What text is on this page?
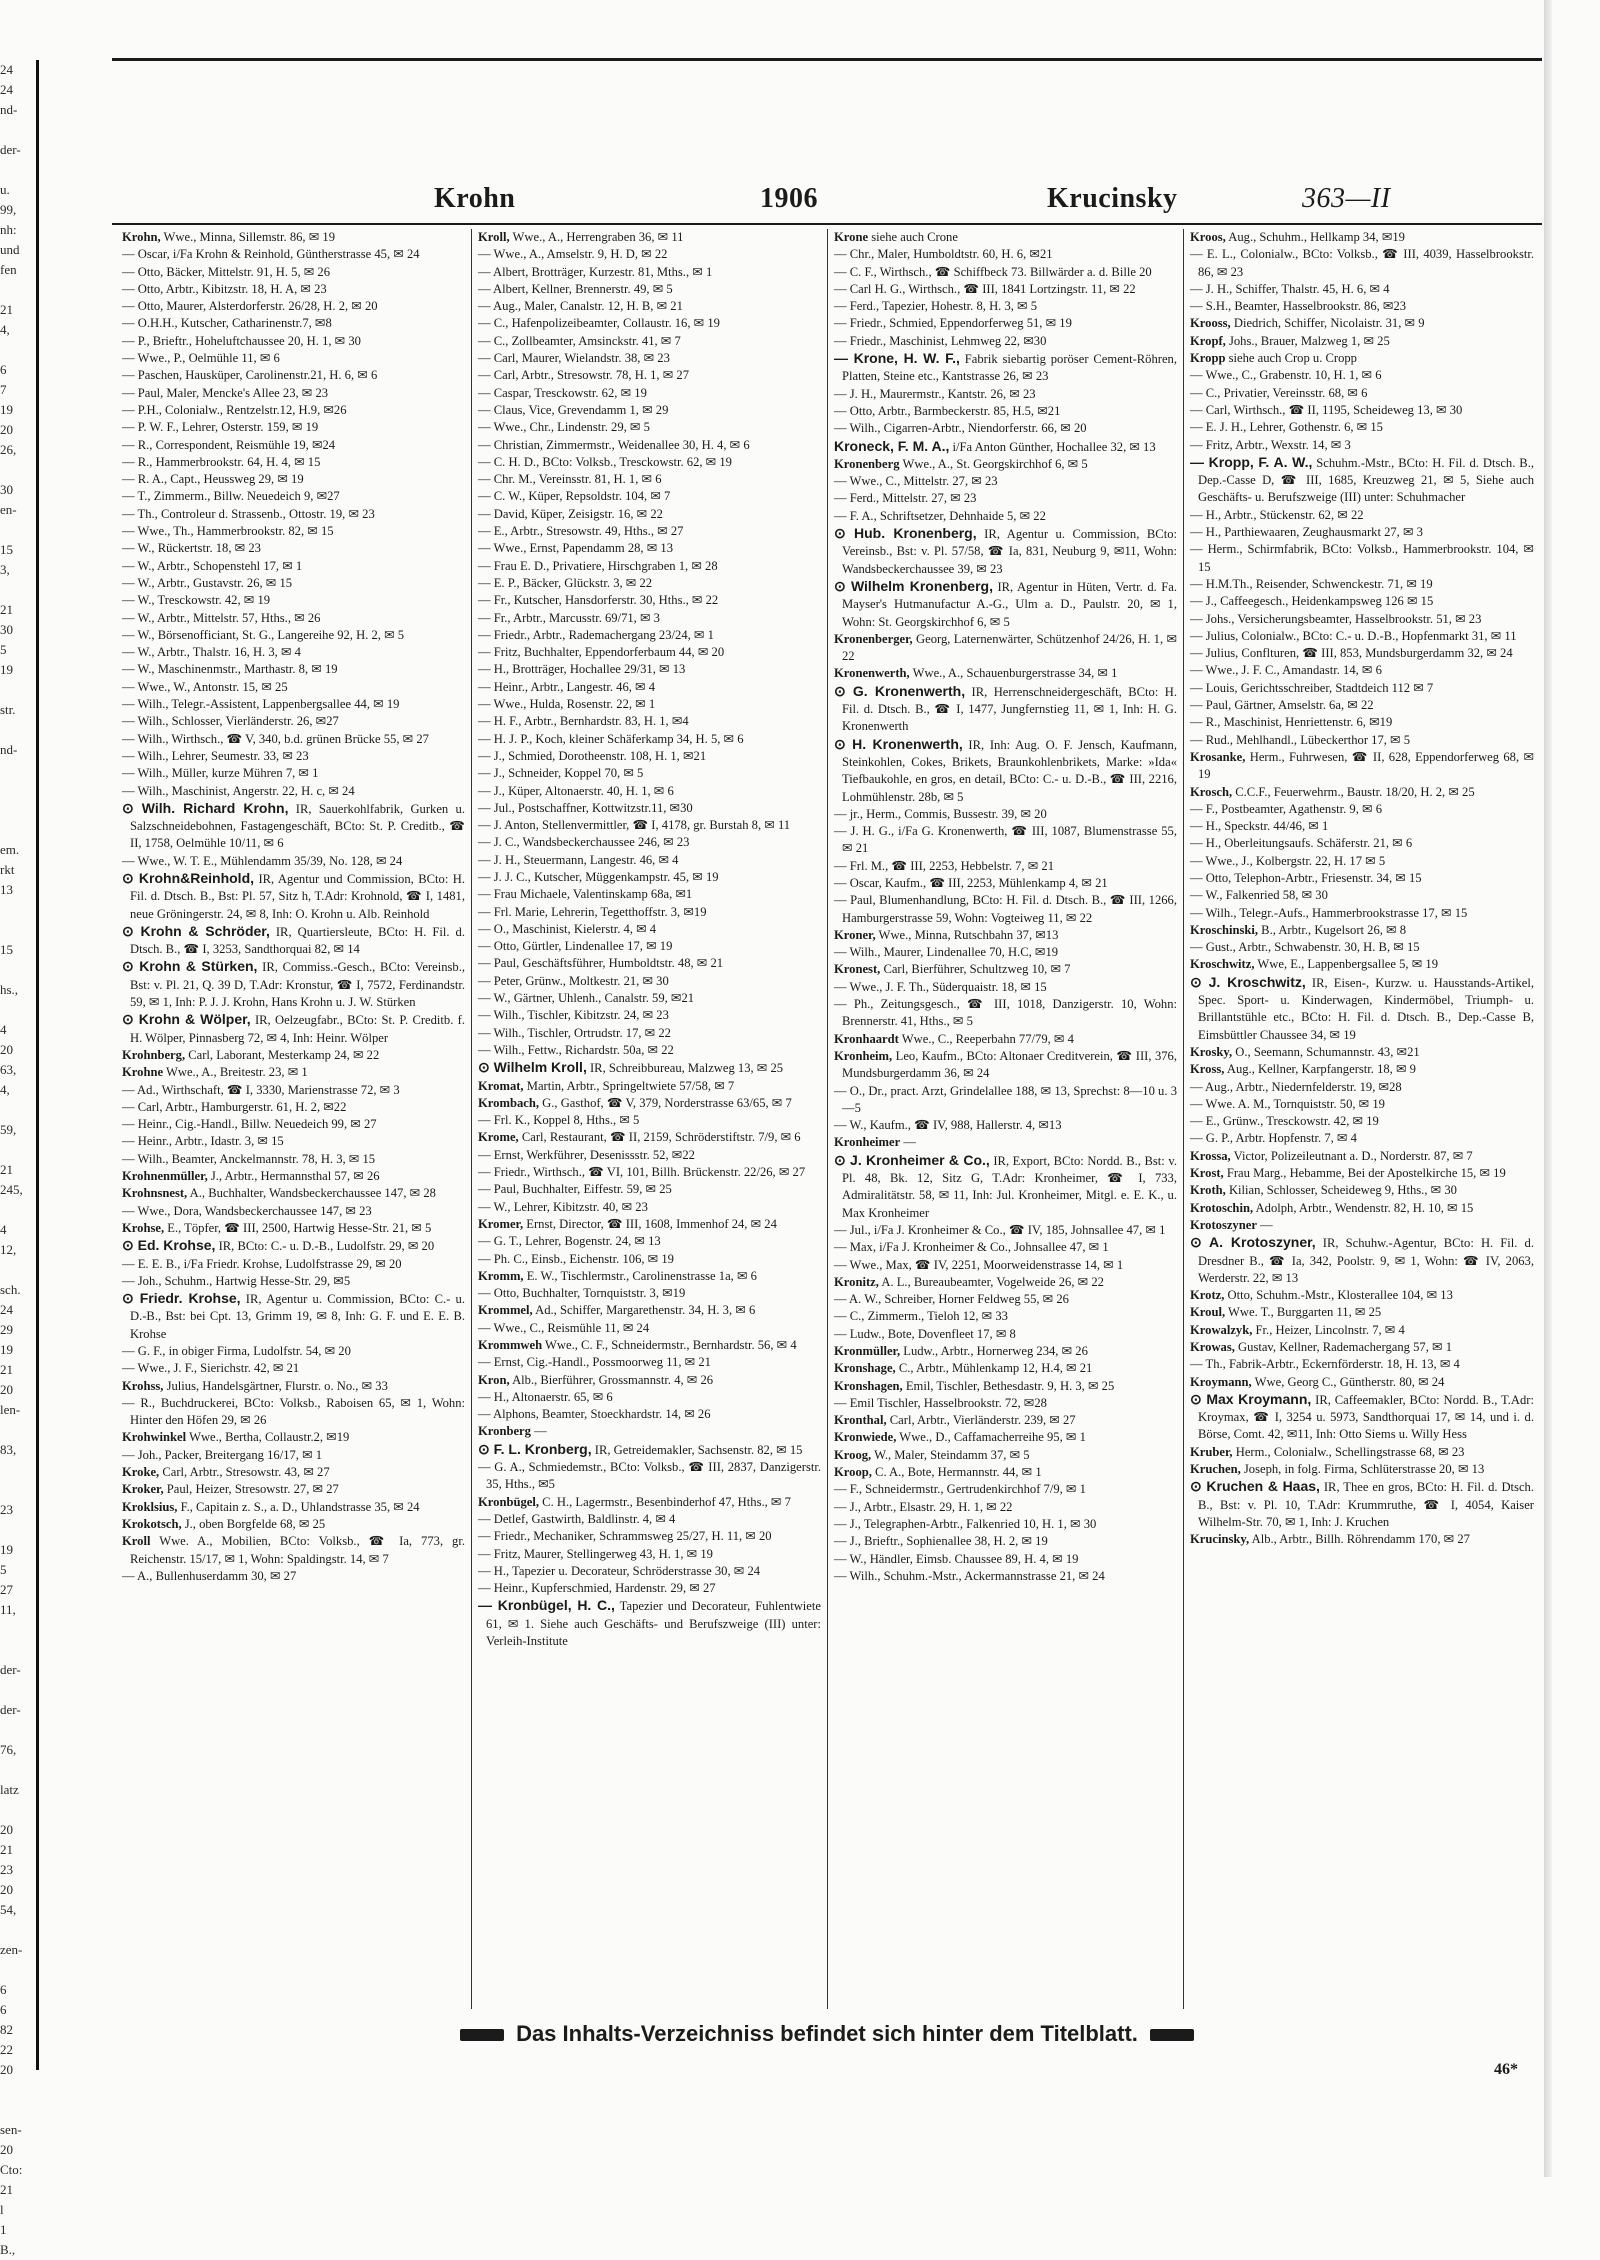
24
24
nd-

der-

u.
99,
nh:
und
fen

21
4,

6
7
19
20
26,

30
en-

15
3,

21
30
5
19

str.

nd-

em.
rkt
13

15

hs.,

4
20
63,
4,

59,

21
245,

4
12,

sch.
24
29
19
21
20
len-

83,

23

19
5
27
11,

der-

der-

76,

latz

20
21
23
20
54,

zen-

6
6
82
22
20

sen-
20
Cto:
21
l
1
B.,
Krohn	1906	Krucinsky	363—II

Krohn, Wwe., Minna, Sillemstr. 86, ✉ 19

— Oscar, i/Fa Krohn & Reinhold, Güntherstrasse 45, ✉ 24

— Otto, Bäcker, Mittelstr. 91, H. 5, ✉ 26

— Otto, Arbtr., Kibitzstr. 18, H. A, ✉ 23

— Otto, Maurer, Alsterdorferstr. 26/28, H. 2, ✉ 20

— O.H.H., Kutscher, Catharinenstr.7, ✉8

— P., Brieftr., Hoheluftchaussee 20, H. 1, ✉ 30

— Wwe., P., Oelmühle 11, ✉ 6

— Paschen, Hausküper, Carolinenstr.21, H. 6, ✉ 6

— Paul, Maler, Mencke's Allee 23, ✉ 23

— P.H., Colonialw., Rentzelstr.12, H.9, ✉26

— P. W. F., Lehrer, Osterstr. 159, ✉ 19

— R., Correspondent, Reismühle 19, ✉24

— R., Hammerbrookstr. 64, H. 4, ✉ 15

— R. A., Capt., Heussweg 29, ✉ 19

— T., Zimmerm., Billw. Neuedeich 9, ✉27

— Th., Controleur d. Strassenb., Ottostr. 19, ✉ 23

— Wwe., Th., Hammerbrookstr. 82, ✉ 15

— W., Rückertstr. 18, ✉ 23

— W., Arbtr., Schopenstehl 17, ✉ 1

— W., Arbtr., Gustavstr. 26, ✉ 15

— W., Tresckowstr. 42, ✉ 19

— W., Arbtr., Mittelstr. 57, Hths., ✉ 26

— W., Börsenofficiant, St. G., Langereihe 92, H. 2, ✉ 5

— W., Arbtr., Thalstr. 16, H. 3, ✉ 4

— W., Maschinenmstr., Marthastr. 8, ✉ 19

— Wwe., W., Antonstr. 15, ✉ 25

— Wilh., Telegr.-Assistent, Lappenbergsallee 44, ✉ 19

— Wilh., Schlosser, Vierländerstr. 26, ✉27

— Wilh., Wirthsch., ☎ V, 340, b.d. grünen Brücke 55, ✉ 27

— Wilh., Lehrer, Seumestr. 33, ✉ 23

— Wilh., Müller, kurze Mühren 7, ✉ 1

— Wilh., Maschinist, Angerstr. 22, H. c, ✉ 24

⊙ Wilh. Richard Krohn, IR, Sauerkohlfabrik, Gurken u. Salzschneidebohnen, Fastagengeschäft, BCto: St. P. Creditb., ☎ II, 1758, Oelmühle 10/11, ✉ 6

— Wwe., W. T. E., Mühlendamm 35/39, No. 128, ✉ 24

⊙ Krohn&Reinhold, IR, Agentur und Commission, BCto: H. Fil. d. Dtsch. B., Bst: Pl. 57, Sitz h, T.Adr: Krohnold, ☎ I, 1481, neue Gröningerstr. 24, ✉ 8, Inh: O. Krohn u. Alb. Reinhold

⊙ Krohn & Schröder, IR, Quartiersleute, BCto: H. Fil. d. Dtsch. B., ☎ I, 3253, Sandthorquai 82, ✉ 14

⊙ Krohn & Stürken, IR, Commiss.-Gesch., BCto: Vereinsb., Bst: v. Pl. 21, Q. 39 D, T.Adr: Kronstur, ☎ I, 7572, Ferdinandstr. 59, ✉ 1, Inh: P. J. J. Krohn, Hans Krohn u. J. W. Stürken

⊙ Krohn & Wölper, IR, Oelzeugfabr., BCto: St. P. Creditb. f. H. Wölper, Pinnasberg 72, ✉ 4, Inh: Heinr. Wölper

Krohnberg, Carl, Laborant, Mesterkamp 24, ✉ 22

Krohne Wwe., A., Breitestr. 23, ✉ 1

— Ad., Wirthschaft, ☎ I, 3330, Marienstrasse 72, ✉ 3

— Carl, Arbtr., Hamburgerstr. 61, H. 2, ✉22

— Heinr., Cig.-Handl., Billw. Neuedeich 99, ✉ 27

— Heinr., Arbtr., Idastr. 3, ✉ 15

— Wilh., Beamter, Anckelmannstr. 78, H. 3, ✉ 15

Krohnenmüller, J., Arbtr., Hermannsthal 57, ✉ 26

Krohnsnest, A., Buchhalter, Wandsbeckerchaussee 147, ✉ 28

— Wwe., Dora, Wandsbeckerchaussee 147, ✉ 23

Krohse, E., Töpfer, ☎ III, 2500, Hartwig Hesse-Str. 21, ✉ 5

⊙ Ed. Krohse, IR, BCto: C.- u. D.-B., Ludolfstr. 29, ✉ 20

— E. E. B., i/Fa Friedr. Krohse, Ludolfstrasse 29, ✉ 20

— Joh., Schuhm., Hartwig Hesse-Str. 29, ✉5

⊙ Friedr. Krohse, IR, Agentur u. Commission, BCto: C.- u. D.-B., Bst: bei Cpt. 13, Grimm 19, ✉ 8, Inh: G. F. und E. E. B. Krohse

— G. F., in obiger Firma, Ludolfstr. 54, ✉ 20

— Wwe., J. F., Sierichstr. 42, ✉ 21

Krohss, Julius, Handelsgärtner, Flurstr. o. No., ✉ 33

— R., Buchdruckerei, BCto: Volksb., Raboisen 65, ✉ 1, Wohn: Hinter den Höfen 29, ✉ 26

Krohwinkel Wwe., Bertha, Collaustr.2, ✉19

— Joh., Packer, Breitergang 16/17, ✉ 1

Kroke, Carl, Arbtr., Stresowstr. 43, ✉ 27

Kroker, Paul, Heizer, Stresowstr. 27, ✉ 27

Kroklsius, F., Capitain z. S., a. D., Uhlandstrasse 35, ✉ 24

Krokotsch, J., oben Borgfelde 68, ✉ 25

Kroll Wwe. A., Mobilien, BCto: Volksb., ☎ Ia, 773, gr. Reichenstr. 15/17, ✉ 1, Wohn: Spaldingstr. 14, ✉ 7

— A., Bullenhuserdamm 30, ✉ 27

Kroll, Wwe., A., Herrengraben 36, ✉ 11

— Wwe., A., Amselstr. 9, H. D, ✉ 22

— Albert, Brotträger, Kurzestr. 81, Mths., ✉ 1

— Albert, Kellner, Brennerstr. 49, ✉ 5

— Aug., Maler, Canalstr. 12, H. B, ✉ 21

— C., Hafenpolizeibeamter, Collaustr. 16, ✉ 19

— C., Zollbeamter, Amsinckstr. 41, ✉ 7

— Carl, Maurer, Wielandstr. 38, ✉ 23

— Carl, Arbtr., Stresowstr. 78, H. 1, ✉ 27

— Caspar, Tresckowstr. 62, ✉ 19

— Claus, Vice, Grevendamm 1, ✉ 29

— Wwe., Chr., Lindenstr. 29, ✉ 5

— Christian, Zimmermstr., Weidenallee 30, H. 4, ✉ 6

— C. H. D., BCto: Volksb., Tresckowstr. 62, ✉ 19

— Chr. M., Vereinsstr. 81, H. 1, ✉ 6

— C. W., Küper, Repsoldstr. 104, ✉ 7

— David, Küper, Zeisigstr. 16, ✉ 22

— E., Arbtr., Stresowstr. 49, Hths., ✉ 27

— Wwe., Ernst, Papendamm 28, ✉ 13

— Frau E. D., Privatiere, Hirschgraben 1, ✉ 28

— E. P., Bäcker, Glückstr. 3, ✉ 22

— Fr., Kutscher, Hansdorferstr. 30, Hths., ✉ 22

— Fr., Arbtr., Marcusstr. 69/71, ✉ 3

— Friedr., Arbtr., Rademachergang 23/24, ✉ 1

— Fritz, Buchhalter, Eppendorferbaum 44, ✉ 20

— H., Brotträger, Hochallee 29/31, ✉ 13

— Heinr., Arbtr., Langestr. 46, ✉ 4

— Wwe., Hulda, Rosenstr. 22, ✉ 1

— H. F., Arbtr., Bernhardstr. 83, H. 1, ✉4

— H. J. P., Koch, kleiner Schäferkamp 34, H. 5, ✉ 6

— J., Schmied, Dorotheenstr. 108, H. 1, ✉21

— J., Schneider, Koppel 70, ✉ 5

— J., Küper, Altonaerstr. 40, H. 1, ✉ 6

— Jul., Postschaffner, Kottwitzstr.11, ✉30

— J. Anton, Stellenvermittler, ☎ I, 4178, gr. Burstah 8, ✉ 11

— J. C., Wandsbeckerchaussee 246, ✉ 23

— J. H., Steuermann, Langestr. 46, ✉ 4

— J. J. C., Kutscher, Müggenkampstr. 45, ✉ 19

— Frau Michaele, Valentinskamp 68a, ✉1

— Frl. Marie, Lehrerin, Tegetthoffstr. 3, ✉19

— O., Maschinist, Kielerstr. 4, ✉ 4

— Otto, Gürtler, Lindenallee 17, ✉ 19

— Paul, Geschäftsführer, Humboldtstr. 48, ✉ 21

— Peter, Grünw., Moltkestr. 21, ✉ 30

— W., Gärtner, Uhlenh., Canalstr. 59, ✉21

— Wilh., Tischler, Kibitzstr. 24, ✉ 23

— Wilh., Tischler, Ortrudstr. 17, ✉ 22

— Wilh., Fettw., Richardstr. 50a, ✉ 22

⊙ Wilhelm Kroll, IR, Schreibbureau, Malzweg 13, ✉ 25

Kromat, Martin, Arbtr., Springeltwiete 57/58, ✉ 7

Krombach, G., Gasthof, ☎ V, 379, Norderstrasse 63/65, ✉ 7

— Frl. K., Koppel 8, Hths., ✉ 5

Krome, Carl, Restaurant, ☎ II, 2159, Schröderstiftstr. 7/9, ✉ 6

— Ernst, Werkführer, Desenissstr. 52, ✉22

— Friedr., Wirthsch., ☎ VI, 101, Billh. Brückenstr. 22/26, ✉ 27

— Paul, Buchhalter, Eiffestr. 59, ✉ 25

— W., Lehrer, Kibitzstr. 40, ✉ 23

Kromer, Ernst, Director, ☎ III, 1608, Immenhof 24, ✉ 24

— G. T., Lehrer, Bogenstr. 24, ✉ 13

— Ph. C., Einsb., Eichenstr. 106, ✉ 19

Kromm, E. W., Tischlermstr., Carolinenstrasse 1a, ✉ 6

— Otto, Buchhalter, Tornquiststr. 3, ✉19

Krommel, Ad., Schiffer, Margarethenstr. 34, H. 3, ✉ 6

— Wwe., C., Reismühle 11, ✉ 24

Krommweh Wwe., C. F., Schneidermstr., Bernhardstr. 56, ✉ 4

— Ernst, Cig.-Handl., Possmoorweg 11, ✉ 21

Kron, Alb., Bierführer, Grossmannstr. 4, ✉ 26

— H., Altonaerstr. 65, ✉ 6

— Alphons, Beamter, Stoeckhardstr. 14, ✉ 26

Kronberg —

⊙ F. L. Kronberg, IR, Getreidemakler, Sachsenstr. 82, ✉ 15

— G. A., Schmiedemstr., BCto: Volksb., ☎ III, 2837, Danzigerstr. 35, Hths., ✉5

Kronbügel, C. H., Lagermstr., Besenbinderhof 47, Hths., ✉ 7

— Detlef, Gastwirth, Baldlinstr. 4, ✉ 4

— Friedr., Mechaniker, Schrammsweg 25/27, H. 11, ✉ 20

— Fritz, Maurer, Stellingerweg 43, H. 1, ✉ 19

— H., Tapezier u. Decorateur, Schröderstrasse 30, ✉ 24

— Heinr., Kupferschmied, Hardenstr. 29, ✉ 27

— Kronbügel, H. C., Tapezier und Decorateur, Fuhlentwiete 61, ✉ 1. Siehe auch Geschäfts- und Berufszweige (III) unter: Verleih-Institute

Krone siehe auch Crone

— Chr., Maler, Humboldtstr. 60, H. 6, ✉21

— C. F., Wirthsch., ☎ Schiffbeck 73. Billwärder a. d. Bille 20

— Carl H. G., Wirthsch., ☎ III, 1841 Lortzingstr. 11, ✉ 22

— Ferd., Tapezier, Hohestr. 8, H. 3, ✉ 5

— Friedr., Schmied, Eppendorferweg 51, ✉ 19

— Friedr., Maschinist, Lehmweg 22, ✉30

— Krone, H. W. F., Fabrik siebartig poröser Cement-Röhren, Platten, Steine etc., Kantstrasse 26, ✉ 23

— J. H., Maurermstr., Kantstr. 26, ✉ 23

— Otto, Arbtr., Barmbeckerstr. 85, H.5, ✉21

— Wilh., Cigarren-Arbtr., Niendorferstr. 66, ✉ 20

Kroneck, F. M. A., i/Fa Anton Günther, Hochallee 32, ✉ 13

Kronenberg Wwe., A., St. Georgskirchhof 6, ✉ 5

— Wwe., C., Mittelstr. 27, ✉ 23

— Ferd., Mittelstr. 27, ✉ 23

— F. A., Schriftsetzer, Dehnhaide 5, ✉ 22

⊙ Hub. Kronenberg, IR, Agentur u. Commission, BCto: Vereinsb., Bst: v. Pl. 57/58, ☎ Ia, 831, Neuburg 9, ✉11, Wohn: Wandsbeckerchaussee 39, ✉ 23

⊙ Wilhelm Kronenberg, IR, Agentur in Hüten, Vertr. d. Fa. Mayser's Hutmanufactur A.-G., Ulm a. D., Paulstr. 20, ✉ 1, Wohn: St. Georgskirchhof 6, ✉ 5

Kronenberger, Georg, Laternenwärter, Schützenhof 24/26, H. 1, ✉ 22

Kronenwerth, Wwe., A., Schauenburgerstrasse 34, ✉ 1

⊙ G. Kronenwerth, IR, Herrenschneidergeschäft, BCto: H. Fil. d. Dtsch. B., ☎ I, 1477, Jungfernstieg 11, ✉ 1, Inh: H. G. Kronenwerth

⊙ H. Kronenwerth, IR, Inh: Aug. O. F. Jensch, Kaufmann, Steinkohlen, Cokes, Brikets, Braunkohlenbrikets, Marke: »Ida« Tiefbaukohle, en gros, en detail, BCto: C.- u. D.-B., ☎ III, 2216, Lohmühlenstr. 28b, ✉ 5

— jr., Herm., Commis, Bussestr. 39, ✉ 20

— J. H. G., i/Fa G. Kronenwerth, ☎ III, 1087, Blumenstrasse 55, ✉ 21

— Frl. M., ☎ III, 2253, Hebbelstr. 7, ✉ 21

— Oscar, Kaufm., ☎ III, 2253, Mühlenkamp 4, ✉ 21

— Paul, Blumenhandlung, BCto: H. Fil. d. Dtsch. B., ☎ III, 1266, Hamburgerstrasse 59, Wohn: Vogteiweg 11, ✉ 22

Kroner, Wwe., Minna, Rutschbahn 37, ✉13

— Wilh., Maurer, Lindenallee 70, H.C, ✉19

Kronest, Carl, Bierführer, Schultzweg 10, ✉ 7

— Wwe., J. F. Th., Süderquaistr. 18, ✉ 15

— Ph., Zeitungsgesch., ☎ III, 1018, Danzigerstr. 10, Wohn: Brennerstr. 41, Hths., ✉ 5

Kronhaardt Wwe., C., Reeperbahn 77/79, ✉ 4

Kronheim, Leo, Kaufm., BCto: Altonaer Creditverein, ☎ III, 376, Mundsburgerdamm 36, ✉ 24

— O., Dr., pract. Arzt, Grindelallee 188, ✉ 13, Sprechst: 8—10 u. 3—5

— W., Kaufm., ☎ IV, 988, Hallerstr. 4, ✉13

Kronheimer —

⊙ J. Kronheimer & Co., IR, Export, BCto: Nordd. B., Bst: v. Pl. 48, Bk. 12, Sitz G, T.Adr: Kronheimer, ☎ I, 733, Admiralitätstr. 58, ✉ 11, Inh: Jul. Kronheimer, Mitgl. e. E. K., u. Max Kronheimer

— Jul., i/Fa J. Kronheimer & Co., ☎ IV, 185, Johnsallee 47, ✉ 1

— Max, i/Fa J. Kronheimer & Co., Johnsallee 47, ✉ 1

— Wwe., Max, ☎ IV, 2251, Moorweidenstrasse 14, ✉ 1

Kronitz, A. L., Bureaubeamter, Vogelweide 26, ✉ 22

— A. W., Schreiber, Horner Feldweg 55, ✉ 26

— C., Zimmerm., Tieloh 12, ✉ 33

— Ludw., Bote, Dovenfleet 17, ✉ 8

Kronmüller, Ludw., Arbtr., Hornerweg 234, ✉ 26

Kronshage, C., Arbtr., Mühlenkamp 12, H.4, ✉ 21

Kronshagen, Emil, Tischler, Bethesdastr. 9, H. 3, ✉ 25

— Emil Tischler, Hasselbrookstr. 72, ✉28

Kronthal, Carl, Arbtr., Vierländerstr. 239, ✉ 27

Kronwiede, Wwe., D., Caffamacherreihe 95, ✉ 1

Kroog, W., Maler, Steindamm 37, ✉ 5

Kroop, C. A., Bote, Hermannstr. 44, ✉ 1

— F., Schneidermstr., Gertrudenkirchhof 7/9, ✉ 1

— J., Arbtr., Elsastr. 29, H. 1, ✉ 22

— J., Telegraphen-Arbtr., Falkenried 10, H. 1, ✉ 30

— J., Brieftr., Sophienallee 38, H. 2, ✉ 19

— W., Händler, Eimsb. Chaussee 89, H. 4, ✉ 19

— Wilh., Schuhm.-Mstr., Ackermannstrasse 21, ✉ 24

Kroos, Aug., Schuhm., Hellkamp 34, ✉19

— E. L., Colonialw., BCto: Volksb., ☎ III, 4039, Hasselbrookstr. 86, ✉ 23

— J. H., Schiffer, Thalstr. 45, H. 6, ✉ 4

— S.H., Beamter, Hasselbrookstr. 86, ✉23

Krooss, Diedrich, Schiffer, Nicolaistr. 31, ✉ 9

Kropf, Johs., Brauer, Malzweg 1, ✉ 25

Kropp siehe auch Crop u. Cropp

— Wwe., C., Grabenstr. 10, H. 1, ✉ 6

— C., Privatier, Vereinsstr. 68, ✉ 6

— Carl, Wirthsch., ☎ II, 1195, Scheideweg 13, ✉ 30

— E. J. H., Lehrer, Gothenstr. 6, ✉ 15

— Fritz, Arbtr., Wexstr. 14, ✉ 3

— Kropp, F. A. W., Schuhm.-Mstr., BCto: H. Fil. d. Dtsch. B., Dep.-Casse D, ☎ III, 1685, Kreuzweg 21, ✉ 5, Siehe auch Geschäfts- u. Berufszweige (III) unter: Schuhmacher

— H., Arbtr., Stückenstr. 62, ✉ 22

— H., Parthiewaaren, Zeughausmarkt 27, ✉ 3

— Herm., Schirmfabrik, BCto: Volksb., Hammerbrookstr. 104, ✉ 15

— H.M.Th., Reisender, Schwenckestr. 71, ✉ 19

— J., Caffeegesch., Heidenkampsweg 126 ✉ 15

— Johs., Versicherungsbeamter, Hasselbrookstr. 51, ✉ 23

— Julius, Colonialw., BCto: C.- u. D.-B., Hopfenmarkt 31, ✉ 11

— Julius, Conflturen, ☎ III, 853, Mundsburgerdamm 32, ✉ 24

— Wwe., J. F. C., Amandastr. 14, ✉ 6

— Louis, Gerichtsschreiber, Stadtdeich 112 ✉ 7

— Paul, Gärtner, Amselstr. 6a, ✉ 22

— R., Maschinist, Henriettenstr. 6, ✉19

— Rud., Mehlhandl., Lübeckerthor 17, ✉ 5

Krosanke, Herm., Fuhrwesen, ☎ II, 628, Eppendorferweg 68, ✉ 19

Krosch, C.C.F., Feuerwehrm., Baustr. 18/20, H. 2, ✉ 25

— F., Postbeamter, Agathenstr. 9, ✉ 6

— H., Speckstr. 44/46, ✉ 1

— H., Oberleitungsaufs. Schäferstr. 21, ✉ 6

— Wwe., J., Kolbergstr. 22, H. 17 ✉ 5

— Otto, Telephon-Arbtr., Friesenstr. 34, ✉ 15

— W., Falkenried 58, ✉ 30

— Wilh., Telegr.-Aufs., Hammerbrookstrasse 17, ✉ 15

Kroschinski, B., Arbtr., Kugelsort 26, ✉ 8

— Gust., Arbtr., Schwabenstr. 30, H. B, ✉ 15

Kroschwitz, Wwe, E., Lappenbergsallee 5, ✉ 19

⊙ J. Kroschwitz, IR, Eisen-, Kurzw. u. Hausstands-Artikel, Spec. Sport- u. Kinderwagen, Kindermöbel, Triumph- u. Brillantstühle etc., BCto: H. Fil. d. Dtsch. B., Dep.-Casse B, Eimsbüttler Chaussee 34, ✉ 19

Krosky, O., Seemann, Schumannstr. 43, ✉21

Kross, Aug., Kellner, Karpfangerstr. 18, ✉ 9

— Aug., Arbtr., Niedernfelderstr. 19, ✉28

— Wwe. A. M., Tornquiststr. 50, ✉ 19

— E., Grünw., Tresckowstr. 42, ✉ 19

— G. P., Arbtr. Hopfenstr. 7, ✉ 4

Krossa, Victor, Polizeileutnant a. D., Norderstr. 87, ✉ 7

Krost, Frau Marg., Hebamme, Bei der Apostelkirche 15, ✉ 19

Kroth, Kilian, Schlosser, Scheideweg 9, Hths., ✉ 30

Krotoschin, Adolph, Arbtr., Wendenstr. 82, H. 10, ✉ 15

Krotoszyner —

⊙ A. Krotoszyner, IR, Schuhw.-Agentur, BCto: H. Fil. d. Dresdner B., ☎ Ia, 342, Poolstr. 9, ✉ 1, Wohn: ☎ IV, 2063, Werderstr. 22, ✉ 13

Krotz, Otto, Schuhm.-Mstr., Klosterallee 104, ✉ 13

Kroul, Wwe. T., Burggarten 11, ✉ 25

Krowalzyk, Fr., Heizer, Lincolnstr. 7, ✉ 4

Krowas, Gustav, Kellner, Rademachergang 57, ✉ 1

— Th., Fabrik-Arbtr., Eckernförderstr. 18, H. 13, ✉ 4

Kroymann, Wwe, Georg C., Güntherstr. 80, ✉ 24

⊙ Max Kroymann, IR, Caffeemakler, BCto: Nordd. B., T.Adr: Kroymax, ☎ I, 3254 u. 5973, Sandthorquai 17, ✉ 14, und i. d. Börse, Comt. 42, ✉11, Inh: Otto Siems u. Willy Hess

Kruber, Herm., Colonialw., Schellingstrasse 68, ✉ 23

Kruchen, Joseph, in folg. Firma, Schlüterstrasse 20, ✉ 13

⊙ Kruchen & Haas, IR, Thee en gros, BCto: H. Fil. d. Dtsch. B., Bst: v. Pl. 10, T.Adr: Krummruthe, ☎ I, 4054, Kaiser Wilhelm-Str. 70, ✉ 1, Inh: J. Kruchen

Krucinsky, Alb., Arbtr., Billh. Röhrendamm 170, ✉ 27

Das Inhalts-Verzeichniss befindet sich hinter dem Titelblatt.
46*
